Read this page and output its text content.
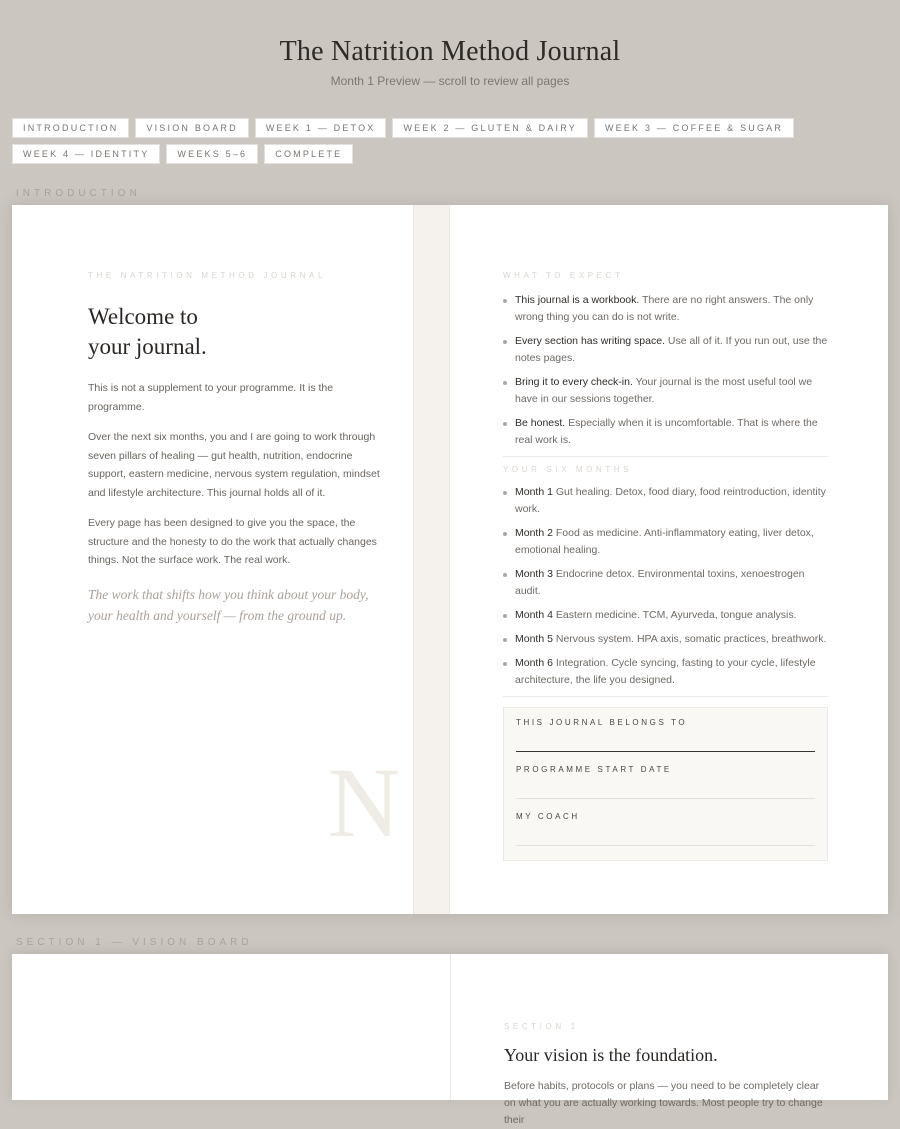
The Natrition Method Journal
Month 1 Preview — scroll to review all pages
INTRODUCTION	VISION BOARD	WEEK 1 — DETOX	WEEK 2 — GLUTEN & DAIRY	WEEK 3 — COFFEE & SUGAR
WEEK 4 — IDENTITY	WEEKS 5–6	COMPLETE
INTRODUCTION
THE NATRITION METHOD JOURNAL
Welcome to
your journal.

This is not a supplement to your programme. It is the programme.

Over the next six months, you and I are going to work through seven pillars of healing — gut health, nutrition, endocrine support, eastern medicine, nervous system regulation, mindset and lifestyle architecture. This journal holds all of it.

Every page has been designed to give you the space, the structure and the honesty to do the work that actually changes things. Not the surface work. The real work.

The work that shifts how you think about your body, your health and yourself — from the ground up.
N
WHAT TO EXPECT
This journal is a workbook. There are no right answers. The only wrong thing you can do is not write.
Every section has writing space. Use all of it. If you run out, use the notes pages.
Bring it to every check-in. Your journal is the most useful tool we have in our sessions together.
Be honest. Especially when it is uncomfortable. That is where the real work is.
YOUR SIX MONTHS
Month 1 Gut healing. Detox, food diary, food reintroduction, identity work.
Month 2 Food as medicine. Anti-inflammatory eating, liver detox, emotional healing.
Month 3 Endocrine detox. Environmental toxins, xenoestrogen audit.
Month 4 Eastern medicine. TCM, Ayurveda, tongue analysis.
Month 5 Nervous system. HPA axis, somatic practices, breathwork.
Month 6 Integration. Cycle syncing, fasting to your cycle, lifestyle architecture, the life you designed.
THIS JOURNAL BELONGS TO
PROGRAMME START DATE
MY COACH
SECTION 1 — VISION BOARD
SECTION 1
Your vision is the foundation.

Before habits, protocols or plans — you need to be completely clear on what you are actually working towards. Most people try to change their
